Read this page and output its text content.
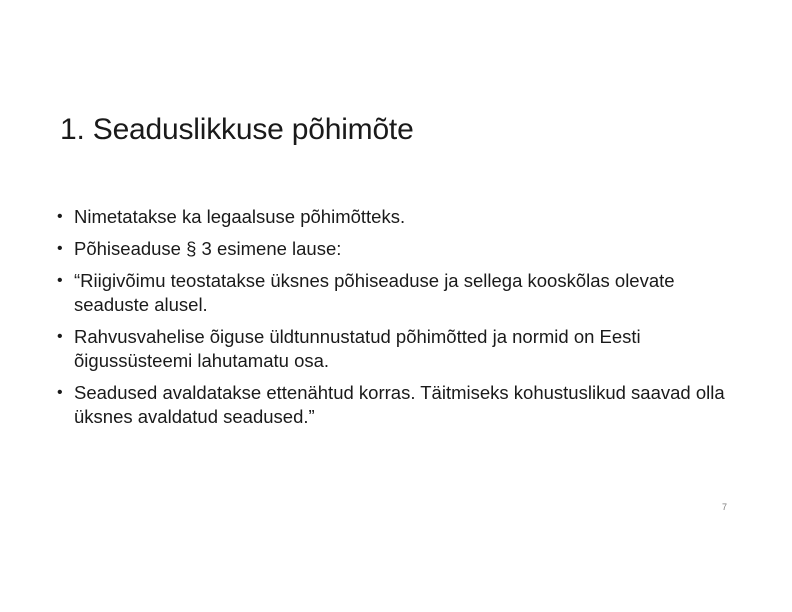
1. Seaduslikkuse põhimõte
• Nimetatakse ka legaalsuse põhimõtteks.
• Põhiseaduse § 3 esimene lause:
• “Riigivõimu teostatakse üksnes põhiseaduse ja sellega kooskõlas olevate seaduste alusel.
• Rahvusvahelise õiguse üldtunnustatud põhimõtted ja normid on Eesti õigussüsteemi lahutamatu osa.
• Seadused avaldatakse ettenähtud korras. Täitmiseks kohustuslikud saavad olla üksnes avaldatud seadused.”
7
